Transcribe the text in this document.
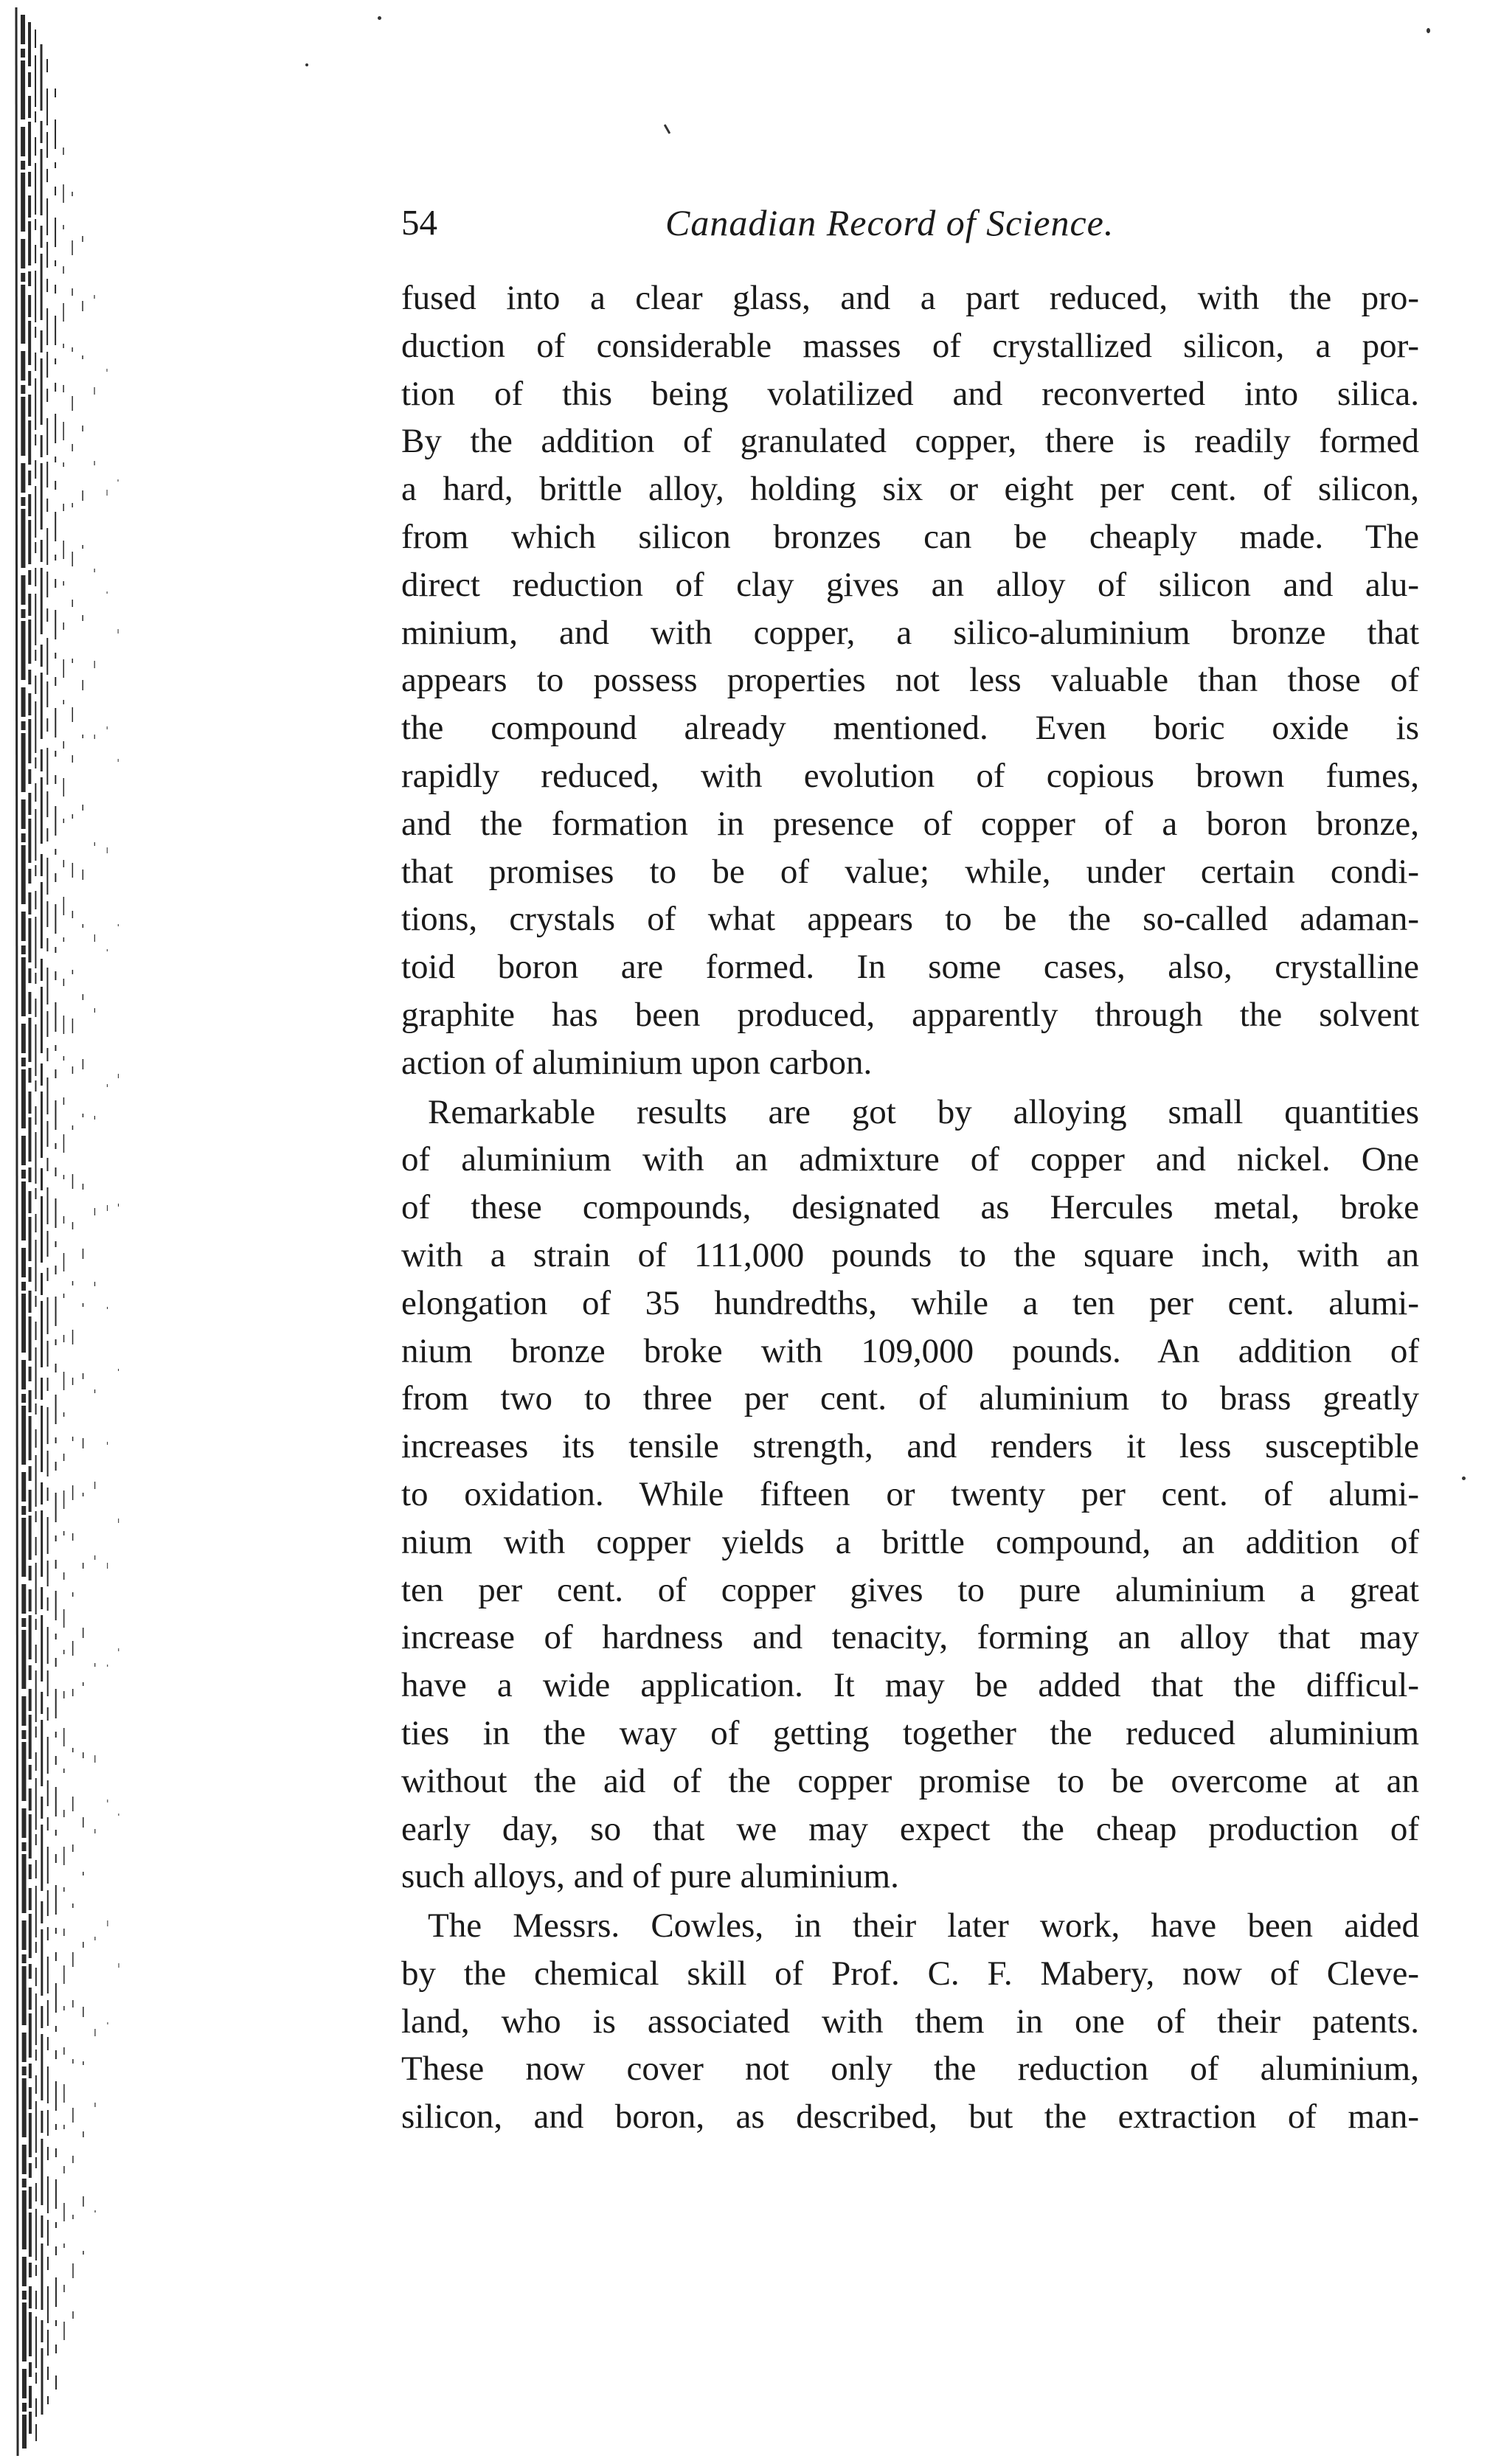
54	Canadian Record of Science.
fused into a clear glass, and a part reduced, with the pro-
duction of considerable masses of crystallized silicon, a por-
tion of this being volatilized and reconverted into silica.
By the addition of granulated copper, there is readily formed
a hard, brittle alloy, holding six or eight per cent. of silicon,
from which silicon bronzes can be cheaply made. The
direct reduction of clay gives an alloy of silicon and alu-
minium, and with copper, a silico-aluminium bronze that
appears to possess properties not less valuable than those of
the compound already mentioned. Even boric oxide is
rapidly reduced, with evolution of copious brown fumes,
and the formation in presence of copper of a boron bronze,
that promises to be of value; while, under certain condi-
tions, crystals of what appears to be the so-called adaman-
toid boron are formed. In some cases, also, crystalline
graphite has been produced, apparently through the solvent
action of aluminium upon carbon.
Remarkable results are got by alloying small quantities
of aluminium with an admixture of copper and nickel. One
of these compounds, designated as Hercules metal, broke
with a strain of 111,000 pounds to the square inch, with an
elongation of 35 hundredths, while a ten per cent. alumi-
nium bronze broke with 109,000 pounds. An addition of
from two to three per cent. of aluminium to brass greatly
increases its tensile strength, and renders it less susceptible
to oxidation. While fifteen or twenty per cent. of alumi-
nium with copper yields a brittle compound, an addition of
ten per cent. of copper gives to pure aluminium a great
increase of hardness and tenacity, forming an alloy that may
have a wide application. It may be added that the difficul-
ties in the way of getting together the reduced aluminium
without the aid of the copper promise to be overcome at an
early day, so that we may expect the cheap production of
such alloys, and of pure aluminium.
The Messrs. Cowles, in their later work, have been aided
by the chemical skill of Prof. C. F. Mabery, now of Cleve-
land, who is associated with them in one of their patents.
These now cover not only the reduction of aluminium,
silicon, and boron, as described, but the extraction of man-
